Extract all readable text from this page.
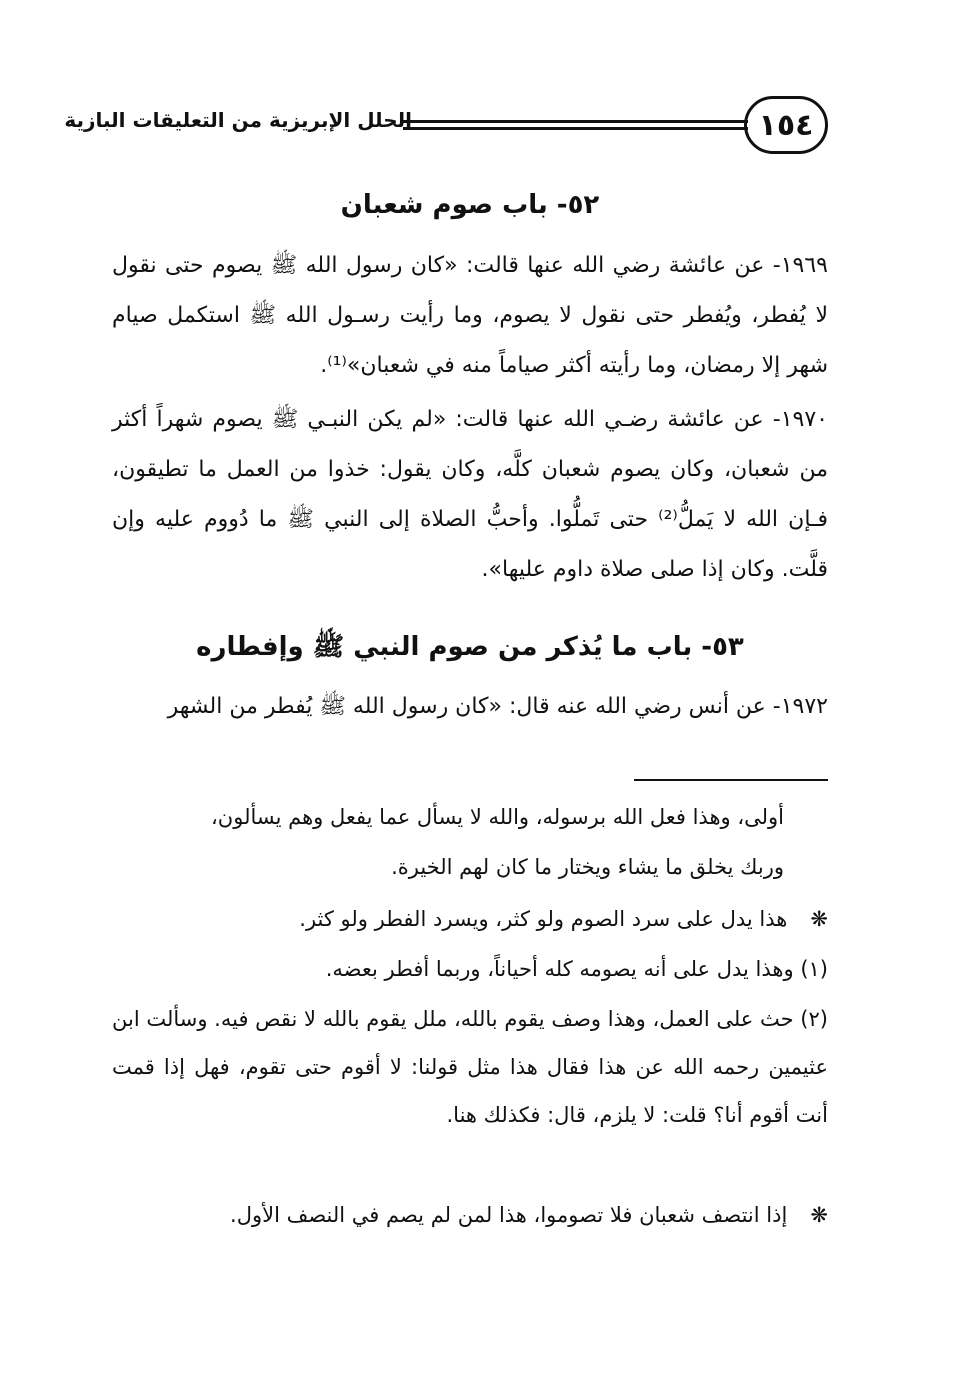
١٥٤
الحلل الإبريزية من التعليقات البازية
٥٢- باب صوم شعبان
١٩٦٩- عن عائشة رضي الله عنها قالت: «كان رسول الله ﷺ يصوم حتى نقول لا يُفطر، ويُفطر حتى نقول لا يصوم، وما رأيت رسـول الله ﷺ استكمل صيام شهر إلا رمضان، وما رأيته أكثر صياماً منه في شعبان»⁽¹⁾.
١٩٧٠- عن عائشة رضـي الله عنها قالت: «لم يكن النبـي ﷺ يصوم شهراً أكثر من شعبان، وكان يصوم شعبان كلَّه، وكان يقول: خذوا من العمل ما تطيقون، فـإن الله لا يَملُّ⁽²⁾ حتى تَملُّوا. وأحبُّ الصلاة إلى النبي ﷺ ما دُووم عليه وإن قلَّت. وكان إذا صلى صلاة داوم عليها».
٥٣- باب ما يُذكر من صوم النبي ﷺ وإفطاره
١٩٧٢- عن أنس رضي الله عنه قال: «كان رسول الله ﷺ يُفطر من الشهر
أولى، وهذا فعل الله برسوله، والله لا يسأل عما يفعل وهم يسألون،
وربك يخلق ما يشاء ويختار ما كان لهم الخيرة.
❋ هذا يدل على سرد الصوم ولو كثر، ويسرد الفطر ولو كثر.
(١) وهذا يدل على أنه يصومه كله أحياناً، وربما أفطر بعضه.
(٢) حث على العمل، وهذا وصف يقوم بالله، ملل يقوم بالله لا نقص فيه. وسألت ابن عثيمين رحمه الله عن هذا فقال هذا مثل قولنا: لا أقوم حتى تقوم، فهل إذا قمت أنت أقوم أنا؟ قلت: لا يلزم، قال: فكذلك هنا.
❋ إذا انتصف شعبان فلا تصوموا، هذا لمن لم يصم في النصف الأول.
